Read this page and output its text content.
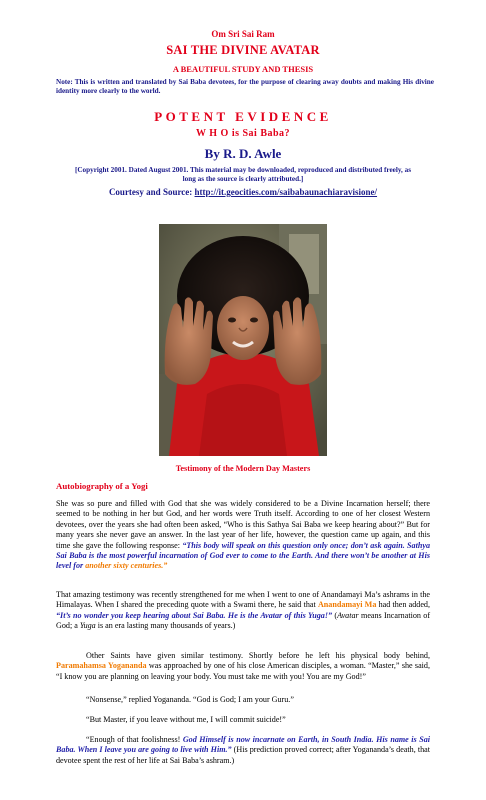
Om Sri Sai Ram
SAI THE DIVINE AVATAR
A BEAUTIFUL STUDY AND THESIS
Note: This is written and translated by Sai Baba devotees, for the purpose of clearing away doubts and making His divine identity more clearly to the world.
POTENT EVIDENCE
W H O is Sai Baba?
By R. D. Awle
[Copyright 2001. Dated August 2001. This material may be downloaded, reproduced and distributed freely, as long as the source is clearly attributed.]
Courtesy and Source: http://it.geocities.com/saibabaunachiaravisione/
Testimony of the Modern Day Masters
Autobiography of a Yogi
She was so pure and filled with God that she was widely considered to be a Divine Incarnation herself; there seemed to be nothing in her but God, and her words were Truth itself. According to one of her closest Western devotees, over the years she had often been asked, “Who is this Sathya Sai Baba we keep hearing about?” But for many years she never gave an answer. In the last year of her life, however, the question came up again, and this time she gave the following response: “This body will speak on this question only once; don’t ask again. Sathya Sai Baba is the most powerful incarnation of God ever to come to the Earth. And there won’t be another at His level for another sixty centuries.”
That amazing testimony was recently strengthened for me when I went to one of Anandamayi Ma’s ashrams in the Himalayas. When I shared the preceding quote with a Swami there, he said that Anandamayi Ma had then added, “It’s no wonder you keep hearing about Sai Baba. He is the Avatar of this Yuga!” (Avatar means Incarnation of God; a Yuga is an era lasting many thousands of years.)
Other Saints have given similar testimony. Shortly before he left his physical body behind, Paramahamsa Yogananda was approached by one of his close American disciples, a woman. “Master,” she said, “I know you are planning on leaving your body. You must take me with you! You are my God!”
“Nonsense,” replied Yogananda. “God is God; I am your Guru.”
“But Master, if you leave without me, I will commit suicide!”
“Enough of that foolishness! God Himself is now incarnate on Earth, in South India. His name is Sai Baba. When I leave you are going to live with Him.” (His prediction proved correct; after Yogananda’s death, that devotee spent the rest of her life at Sai Baba’s ashram.)
